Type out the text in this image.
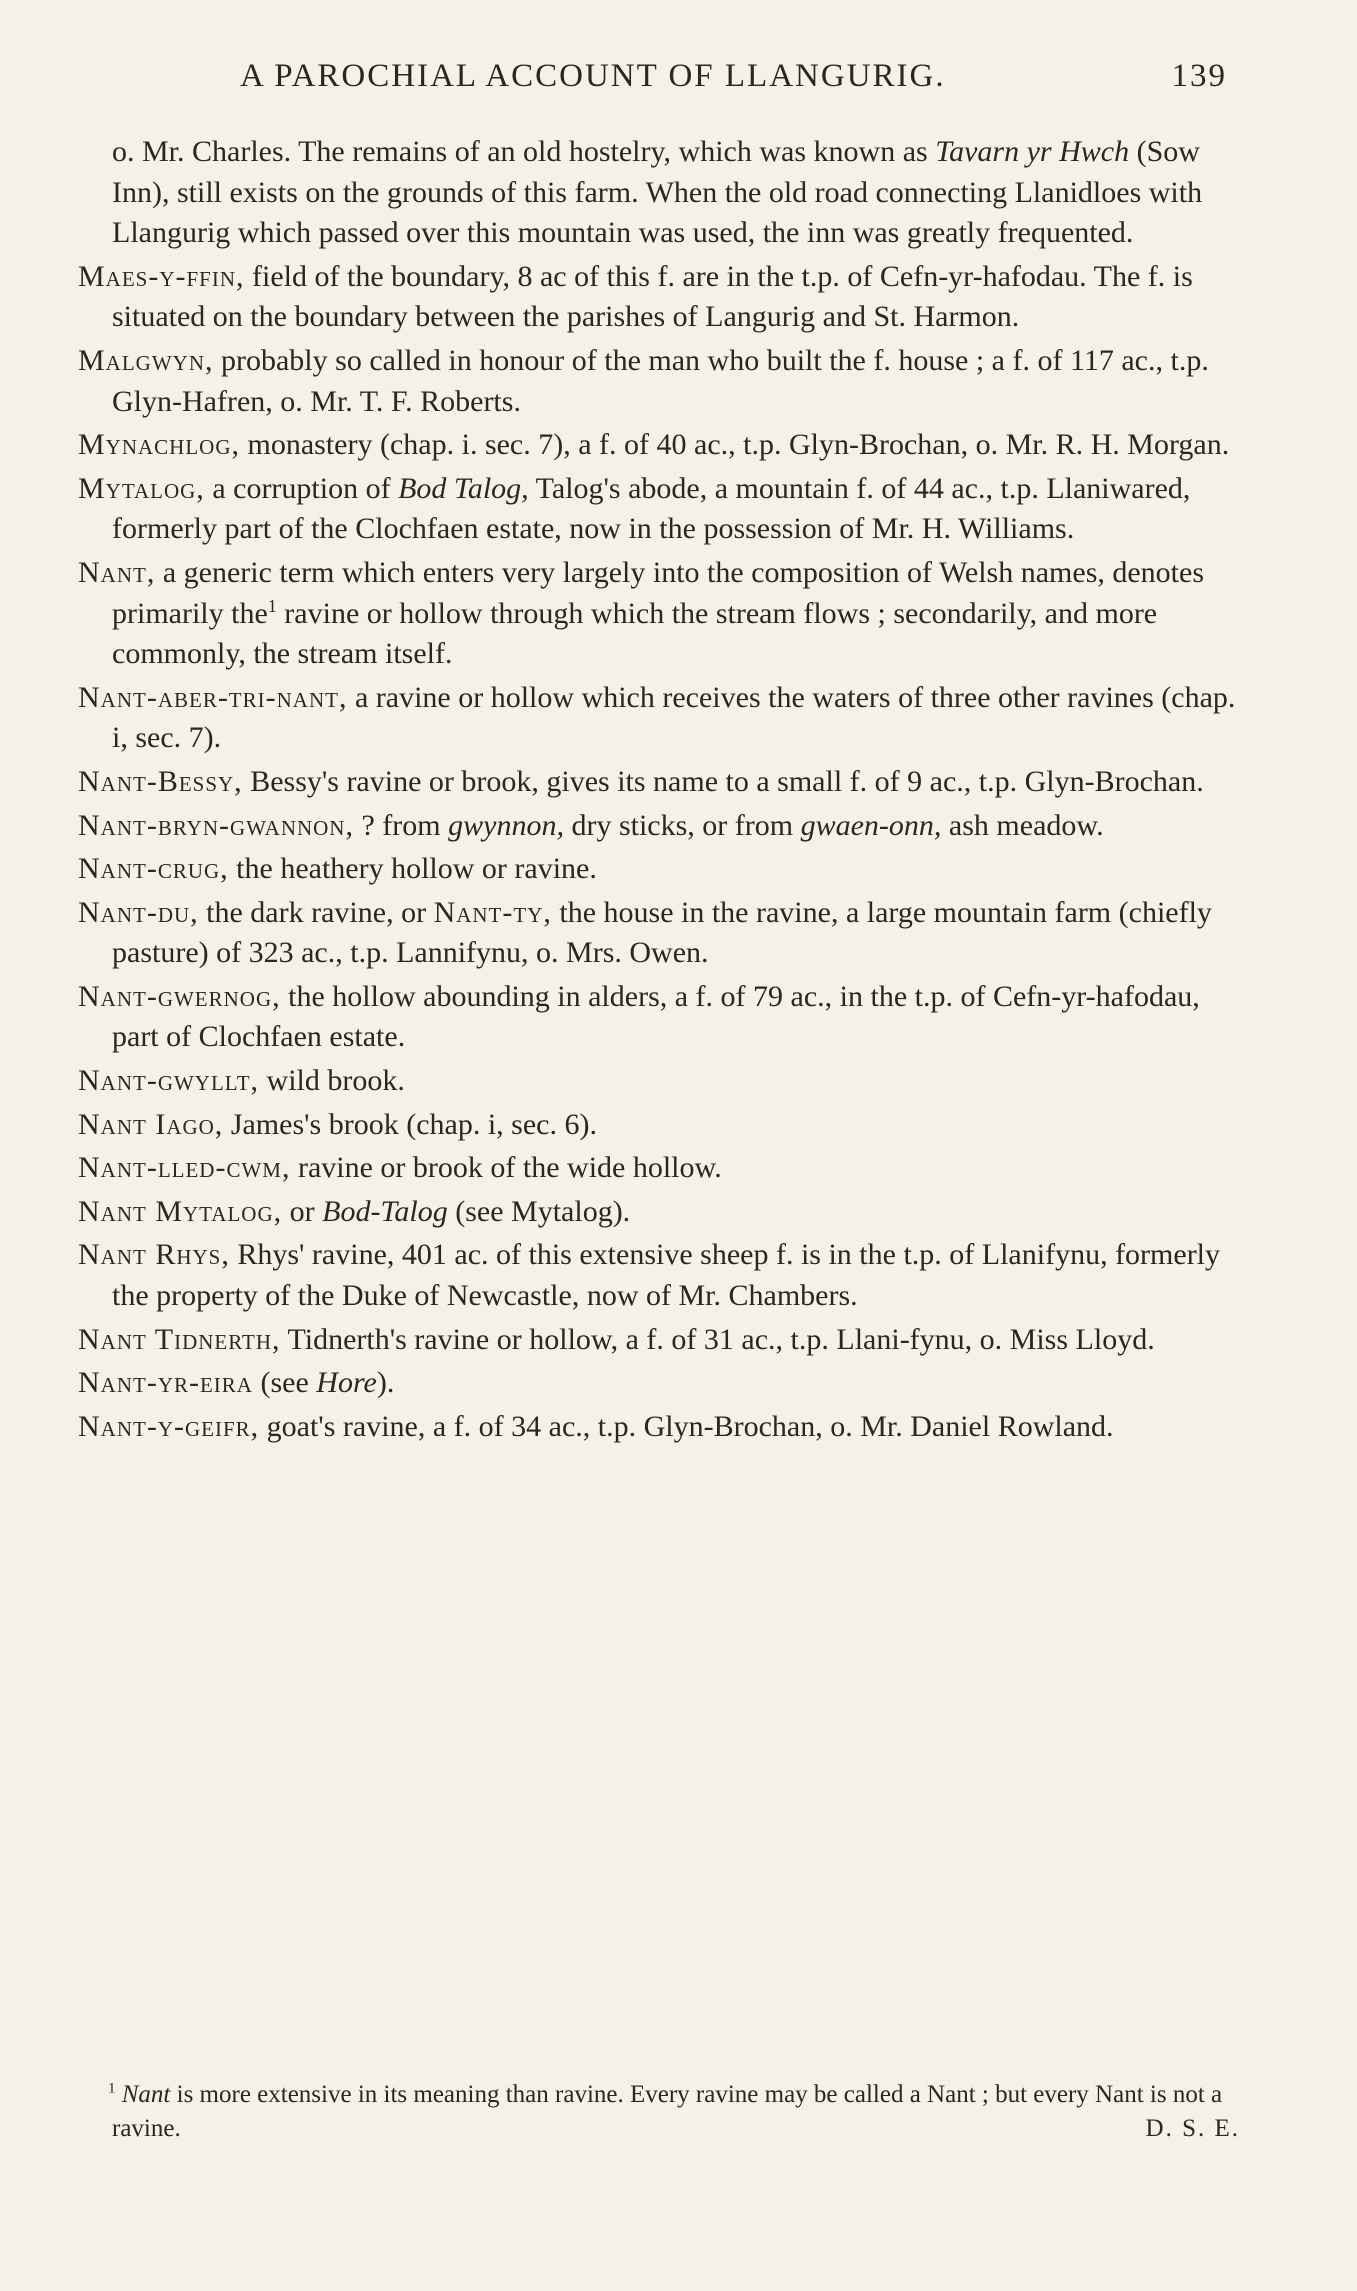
A PAROCHIAL ACCOUNT OF LLANGURIG.	139

o. Mr. Charles. The remains of an old hostelry, which was known as Tavarn yr Hwch (Sow Inn), still exists on the grounds of this farm. When the old road connecting Llanidloes with Llangurig which passed over this mountain was used, the inn was greatly frequented.

Maes-y-ffin, field of the boundary, 8 ac of this f. are in the t.p. of Cefn-yr-hafodau. The f. is situated on the boundary between the parishes of Langurig and St. Harmon.

Malgwyn, probably so called in honour of the man who built the f. house ; a f. of 117 ac., t.p. Glyn-Hafren, o. Mr. T. F. Roberts.

Mynachlog, monastery (chap. i. sec. 7), a f. of 40 ac., t.p. Glyn-Brochan, o. Mr. R. H. Morgan.

Mytalog, a corruption of Bod Talog, Talog's abode, a mountain f. of 44 ac., t.p. Llaniwared, formerly part of the Clochfaen estate, now in the possession of Mr. H. Williams.

Nant, a generic term which enters very largely into the composition of Welsh names, denotes primarily the$^1$ ravine or hollow through which the stream flows ; secondarily, and more commonly, the stream itself.

Nant-aber-tri-nant, a ravine or hollow which receives the waters of three other ravines (chap. i, sec. 7).

Nant-Bessy, Bessy's ravine or brook, gives its name to a small f. of 9 ac., t.p. Glyn-Brochan.

Nant-bryn-gwannon, ? from gwynnon, dry sticks, or from gwaen-onn, ash meadow.

Nant-crug, the heathery hollow or ravine.

Nant-du, the dark ravine, or Nant-ty, the house in the ravine, a large mountain farm (chiefly pasture) of 323 ac., t.p. Lannifynu, o. Mrs. Owen.

Nant-gwernog, the hollow abounding in alders, a f. of 79 ac., in the t.p. of Cefn-yr-hafodau, part of Clochfaen estate.

Nant-gwyllt, wild brook.

Nant Iago, James's brook (chap. i, sec. 6).

Nant-lled-cwm, ravine or brook of the wide hollow.

Nant Mytalog, or Bod-Talog (see Mytalog).

Nant Rhys, Rhys' ravine, 401 ac. of this extensive sheep f. is in the t.p. of Llanifynu, formerly the property of the Duke of Newcastle, now of Mr. Chambers.

Nant Tidnerth, Tidnerth's ravine or hollow, a f. of 31 ac., t.p. Llani-fynu, o. Miss Lloyd.

Nant-yr-eira (see Hore).

Nant-y-geifr, goat's ravine, a f. of 34 ac., t.p. Glyn-Brochan, o. Mr. Daniel Rowland.

$^1$ Nant is more extensive in its meaning than ravine. Every ravine may be called a Nant ; but every Nant is not a ravine.	D. S. E.
